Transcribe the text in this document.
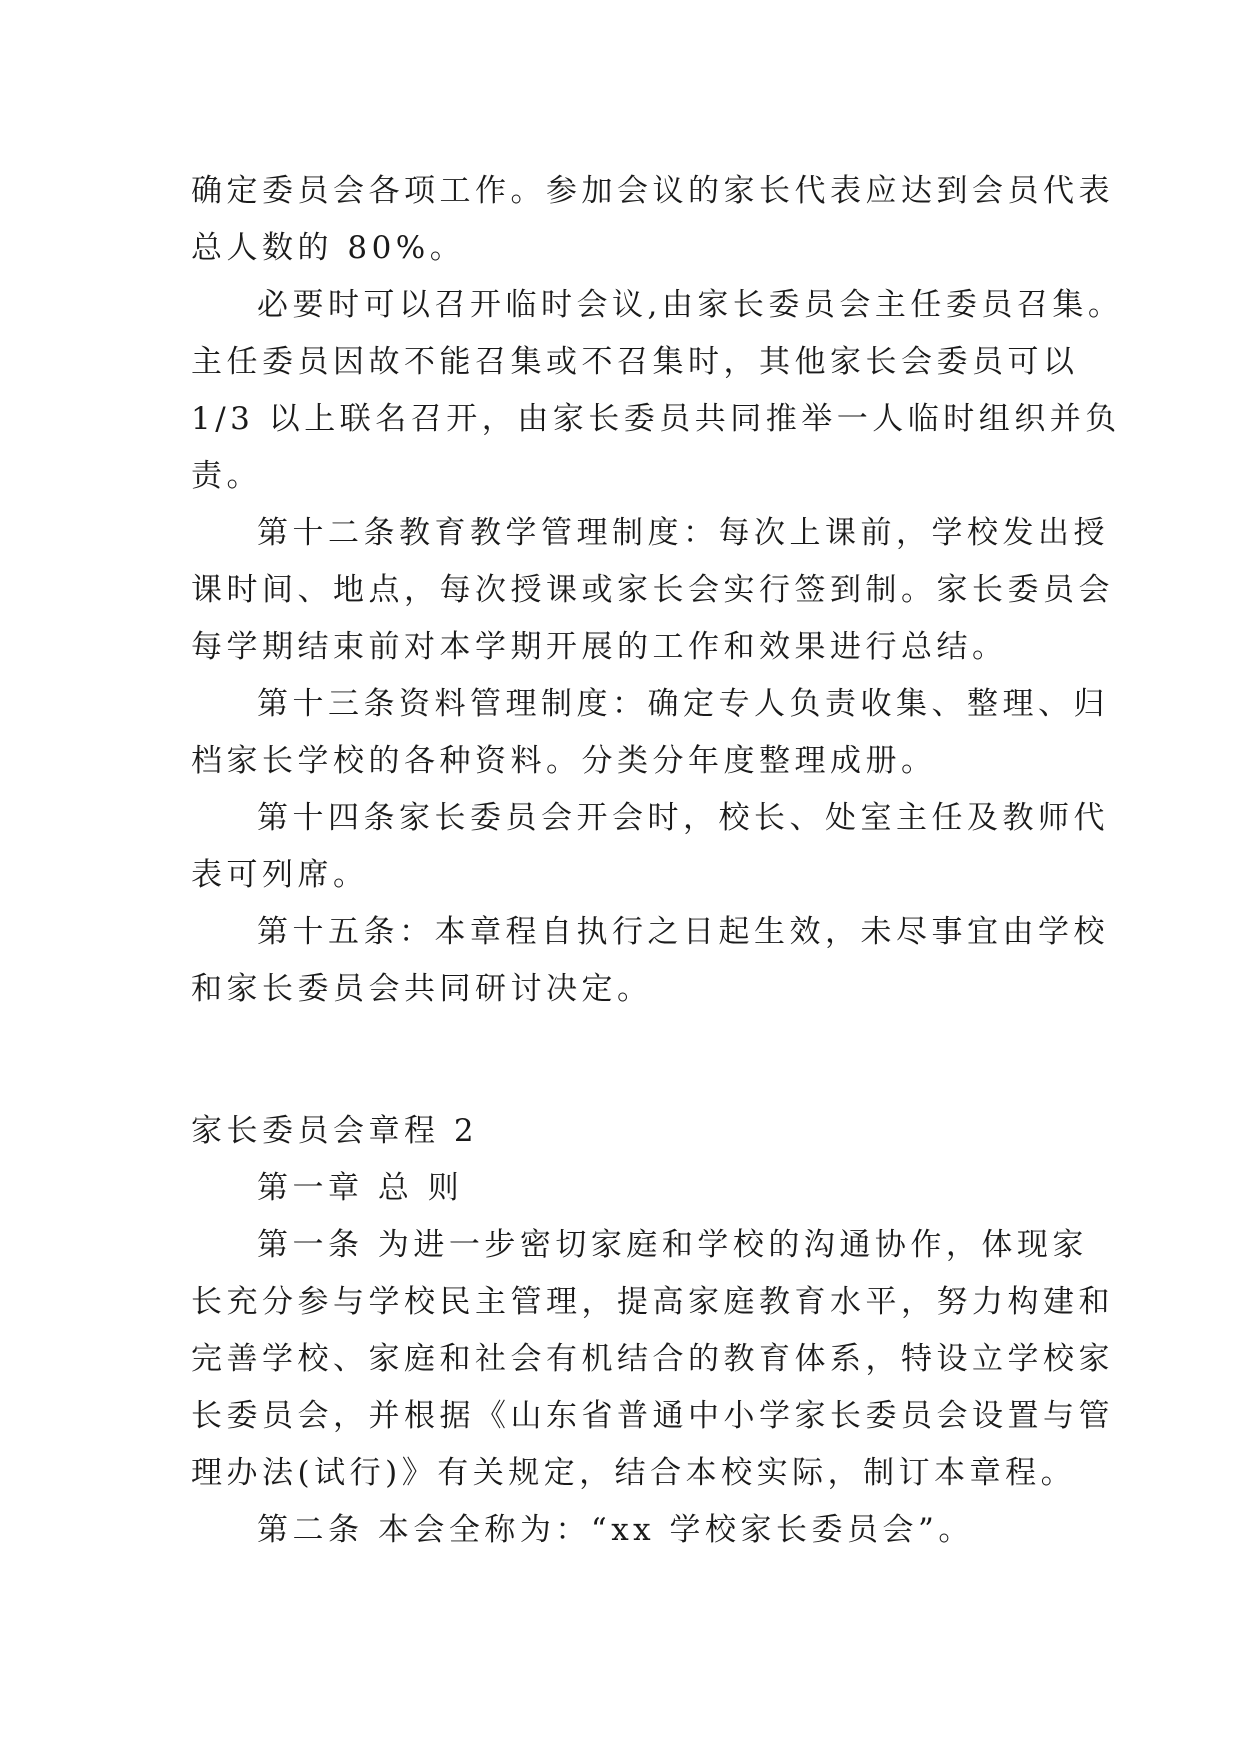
确定委员会各项工作。参加会议的家长代表应达到会员代表
总人数的 80%。
必要时可以召开临时会议,由家长委员会主任委员召集。
主任委员因故不能召集或不召集时，其他家长会委员可以
1/3 以上联名召开，由家长委员共同推举一人临时组织并负
责。
第十二条教育教学管理制度：每次上课前，学校发出授
课时间、地点，每次授课或家长会实行签到制。家长委员会
每学期结束前对本学期开展的工作和效果进行总结。
第十三条资料管理制度：确定专人负责收集、整理、归
档家长学校的各种资料。分类分年度整理成册。
第十四条家长委员会开会时，校长、处室主任及教师代
表可列席。
第十五条：本章程自执行之日起生效，未尽事宜由学校
和家长委员会共同研讨决定。
家长委员会章程 2
第一章 总 则
第一条 为进一步密切家庭和学校的沟通协作，体现家
长充分参与学校民主管理，提高家庭教育水平，努力构建和
完善学校、家庭和社会有机结合的教育体系，特设立学校家
长委员会，并根据《山东省普通中小学家长委员会设置与管
理办法(试行)》有关规定，结合本校实际，制订本章程。
第二条 本会全称为：“xx 学校家长委员会”。
